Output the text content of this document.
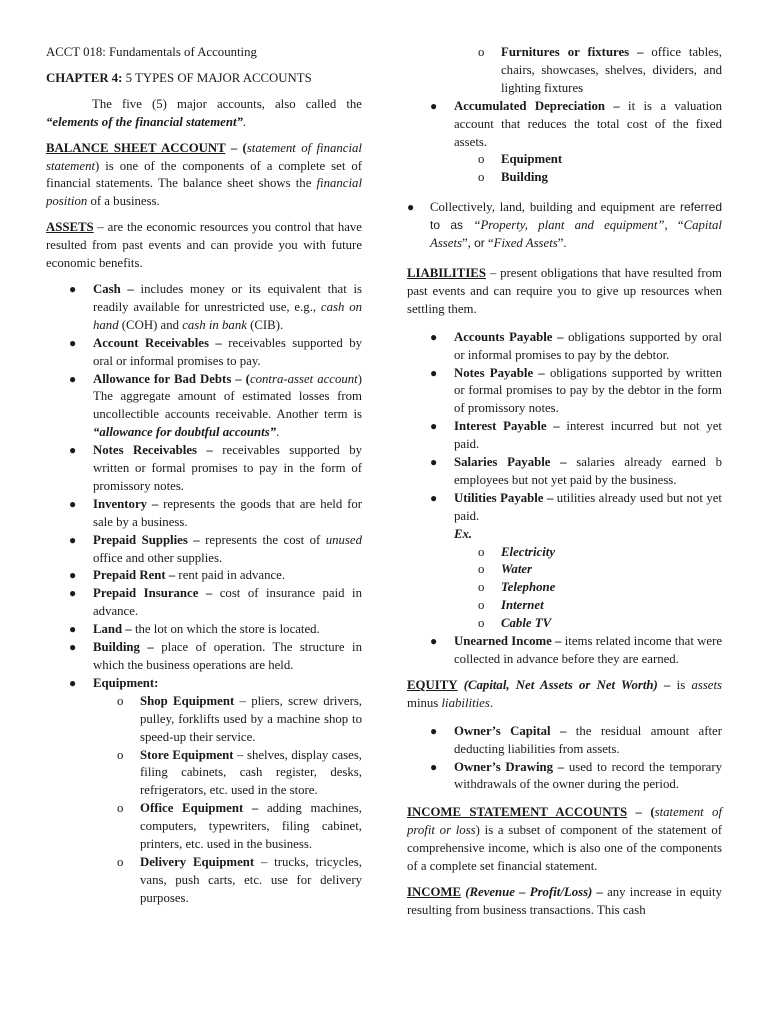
ACCT 018: Fundamentals of Accounting

CHAPTER 4: 5 TYPES OF MAJOR ACCOUNTS

The five (5) major accounts, also called the “elements of the financial statement”.

BALANCE SHEET ACCOUNT – (statement of financial statement) is one of the components of a complete set of financial statements. The balance sheet shows the financial position of a business.

ASSETS – are the economic resources you control that have resulted from past events and can provide you with future economic benefits.

● Cash – includes money or its equivalent that is readily available for unrestricted use, e.g., cash on hand (COH) and cash in bank (CIB).
● Account Receivables – receivables supported by oral or informal promises to pay.
● Allowance for Bad Debts – (contra-asset account) The aggregate amount of estimated losses from uncollectible accounts receivable. Another term is “allowance for doubtful accounts”.
● Notes Receivables – receivables supported by written or formal promises to pay in the form of promissory notes.
● Inventory – represents the goods that are held for sale by a business.
● Prepaid Supplies – represents the cost of unused office and other supplies.
● Prepaid Rent – rent paid in advance.
● Prepaid Insurance – cost of insurance paid in advance.
● Land – the lot on which the store is located.
● Building – place of operation. The structure in which the business operations are held.
● Equipment:
o Shop Equipment – pliers, screw drivers, pulley, forklifts used by a machine shop to speed-up their service.
o Store Equipment – shelves, display cases, filing cabinets, cash register, desks, refrigerators, etc. used in the store.
o Office Equipment – adding machines, computers, typewriters, filing cabinet, printers, etc. used in the business.
o Delivery Equipment – trucks, tricycles, vans, push carts, etc. use for delivery purposes.
o Furnitures or fixtures – office tables, chairs, showcases, shelves, dividers, and lighting fixtures
● Accumulated Depreciation – it is a valuation account that reduces the total cost of the fixed assets.
o Equipment
o Building
● Collectively, land, building and equipment are referred to as “Property, plant and equipment”, “Capital Assets”, or “Fixed Assets”.

LIABILITIES – present obligations that have resulted from past events and can require you to give up resources when settling them.

● Accounts Payable – obligations supported by oral or informal promises to pay by the debtor.
● Notes Payable – obligations supported by written or formal promises to pay by the debtor in the form of promissory notes.
● Interest Payable – interest incurred but not yet paid.
● Salaries Payable – salaries already earned b employees but not yet paid by the business.
● Utilities Payable – utilities already used but not yet paid.
Ex.
o Electricity
o Water
o Telephone
o Internet
o Cable TV
● Unearned Income – items related income that were collected in advance before they are earned.

EQUITY (Capital, Net Assets or Net Worth) – is assets minus liabilities.

● Owner’s Capital – the residual amount after deducting liabilities from assets.
● Owner’s Drawing – used to record the temporary withdrawals of the owner during the period.

INCOME STATEMENT ACCOUNTS – (statement of profit or loss) is a subset of component of the statement of comprehensive income, which is also one of the components of a complete set financial statement.

INCOME (Revenue – Profit/Loss) – any increase in equity resulting from business transactions. This cash
